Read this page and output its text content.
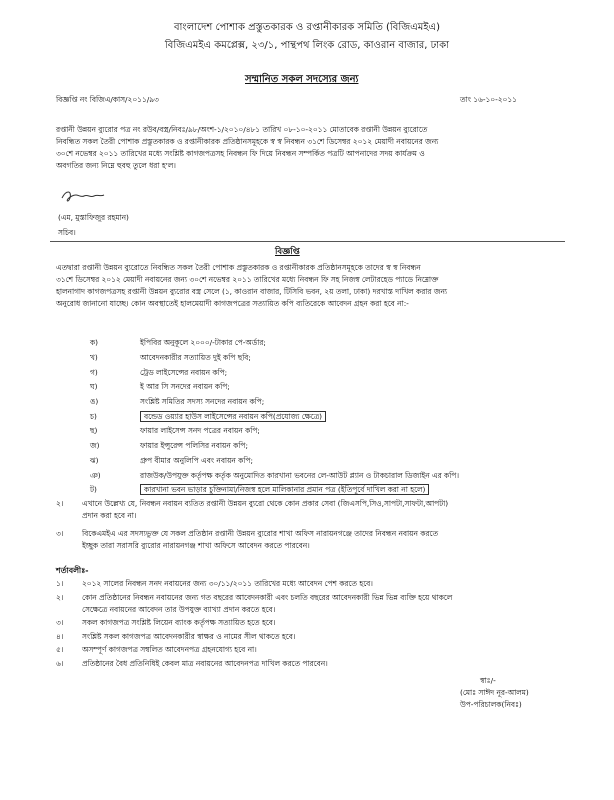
বাংলাদেশ পোশাক প্রস্তুতকারক ও রপ্তানীকারক সমিতি (বিজিএমইএ)
বিজিএমইএ কমপ্লেক্স, ২৩/১, পান্থপথ লিংক রোড, কাওরান বাজার, ঢাকা
সম্মানিত সকল সদস্যের জন্য
বিজ্ঞপ্তি নং বিজিএ/কাস/২০১১/৯৩	তাং ১৬-১০-২০১১
রপ্তানী উন্নয়ন ব্যুরোর পত্র নং রউব/বস্ত্র/নিবঃ/৯৮/অংশ-১/২০১০/৪৮১ তারিখ ০৮-১০-২০১১ মোতাবেক রপ্তানী উন্নয়ন ব্যুরোতে
নিবন্ধিত সকল তৈরী পোশাক প্রস্তুতকারক ও রপ্তানীকারক প্রতিষ্ঠানসমূহকে স্ব স্ব নিবন্ধন ৩১শে ডিসেম্বর ২০১২ মেয়াদী নবায়নের জন্য
৩০শে নভেম্বর ২০১১ তারিখের মধ্যে সংশ্লিষ্ট কাগজপত্রসহ নিবন্ধন ফি দিয়ে নিবন্ধন সম্পর্কিত পত্রটি আপনাদের সদয় কার্যক্রম ও
অবগতির জন্য নিম্নে হুবহু তুলে ধরা হ'ল।
(এম, মুস্তাফিজুর রহমান)
সচিব।
বিজ্ঞপ্তি
এতদ্বারা রপ্তানী উন্নয়ন ব্যুরোতে নিবন্ধিত সকল তৈরী পোশাক প্রস্তুতকারক ও রপ্তানীকারক প্রতিষ্ঠানসমূহকে তাদের স্ব স্ব নিবন্ধন
৩১শে ডিসেম্বর ২০১২ মেয়াদী নবায়নের জন্য ৩০শে নভেম্বর ২০১১ তারিখের মধ্যে নিবন্ধন ফি সহ নিজস্ব লেটারহেড প্যাডে নিম্নোক্ত
হালনাগাদ কাগজপত্রসহ রপ্তানী উন্নয়ন ব্যুরোর বস্ত্র সেলে (১, কাওরান বাজার, টিসিবি ভবন, ২য় তলা, ঢাকা) দরখাস্ত দাখিল করার জন্য
অনুরোধ জানানো যাচ্ছে। কোন অবস্থাতেই হালমেয়াদী কাগজপত্রের সত্যায়িত কপি ব্যতিরেকে আবেদন গ্রহন করা হবে না:-
ক)	ইপিবির অনুকূলে ২০০০/-টাকার পে-অর্ডার;
খ)	আবেদনকারীর সত্যায়িত দুই কপি ছবি;
গ)	ট্রেড লাইসেন্সের নবায়ন কপি;
ঘ)	ই আর সি সনদের নবায়ন কপি;
ঙ)	সংশ্লিষ্ট সমিতির সদস্য সনদের নবায়ন কপি;
চ)	বন্ডেড ওয়্যার হাউস লাইসেন্সের নবায়ন কপি(প্রযোজ্য ক্ষেত্রে)
ছ)	ফায়ার লাইসেন্স সনদ পত্রের নবায়ন কপি;
জ)	ফায়ার ইন্সুরেন্স পলিসির নবায়ন কপি;
ঝ)	গ্রুপ বীমার অনুলিপি এবং নবায়ন কপি;
ঞ)	রাজউক/উপযুক্ত কর্তৃপক্ষ কর্তৃক অনুমোদিত কারখানা ভবনের লে-আউট প্ল্যান ও টাকচারাল ডিজাইন এর কপি।
ট)	কারখানা ভবন ভাড়ার চুক্তিনামা/নিজস্ব হলে মালিকানার প্রমান পত্র (ইতিপূর্বে দাখিল করা না হলে)
২।	এখানে উল্লেখ্য যে, নিবন্ধন নবায়ন ব্যতিত রপ্তানী উন্নয়ন ব্যুরো থেকে কোন প্রকার সেবা (জিএসপি,সিও,সাপটা,সাফটা,আপটা)
প্রদান করা হবে না।
৩।	বিকেএমইএ এর সদস্যভুক্ত যে সকল প্রতিষ্ঠান রপ্তানী উন্নয়ন ব্যুরোর শাখা অফিস নারায়নগঞ্জে তাদের নিবন্ধন নবায়ন করতে
ইচ্ছুক তারা সরাসরি ব্যুরোর নারায়নগঞ্জ শাখা অফিসে আবেদন করতে পারবেন।
শর্তাবলীঃ-
১।	২০১২ সালের নিবন্ধন সনদ নবায়নের জন্য ৩০/১১/২০১১ তারিখের মধ্যে আবেদন পেশ করতে হবে।
২।	কোন প্রতিষ্ঠানের নিবন্ধন নবায়নের জন্য গত বছরের আবেদনকারী এবং চলতি বছরের আবেদনকারী ভিন্ন ভিন্ন ব্যক্তি হয়ে থাকলে
সেক্ষেত্রে নবায়নের আবেদন তার উপযুক্ত ব্যাখ্যা প্রদান করতে হবে।
৩।	সকল কাগজপত্র সংশ্লিষ্ট লিয়েন ব্যাংক কর্তৃপক্ষ সত্যায়িত হতে হবে।
৪।	সংশ্লিষ্ট সকল কাগজপত্র আবেদনকারীর স্বাক্ষর ও নামের সীল থাকতে হবে।
৫।	অসম্পূর্ণ কাগজপত্র সম্বলিত আবেদনপত্র গ্রহনযোগ্য হবে না।
৬।	প্রতিষ্ঠানের বৈধ প্রতিনিধিই কেবল মাত্র নবায়নের আবেদনপত্র দাখিল করতে পারবেন।
স্বাঃ/-
(মোঃ সাঈদ নূর-আলম)
উপ-পরিচালক(নিবঃ)
